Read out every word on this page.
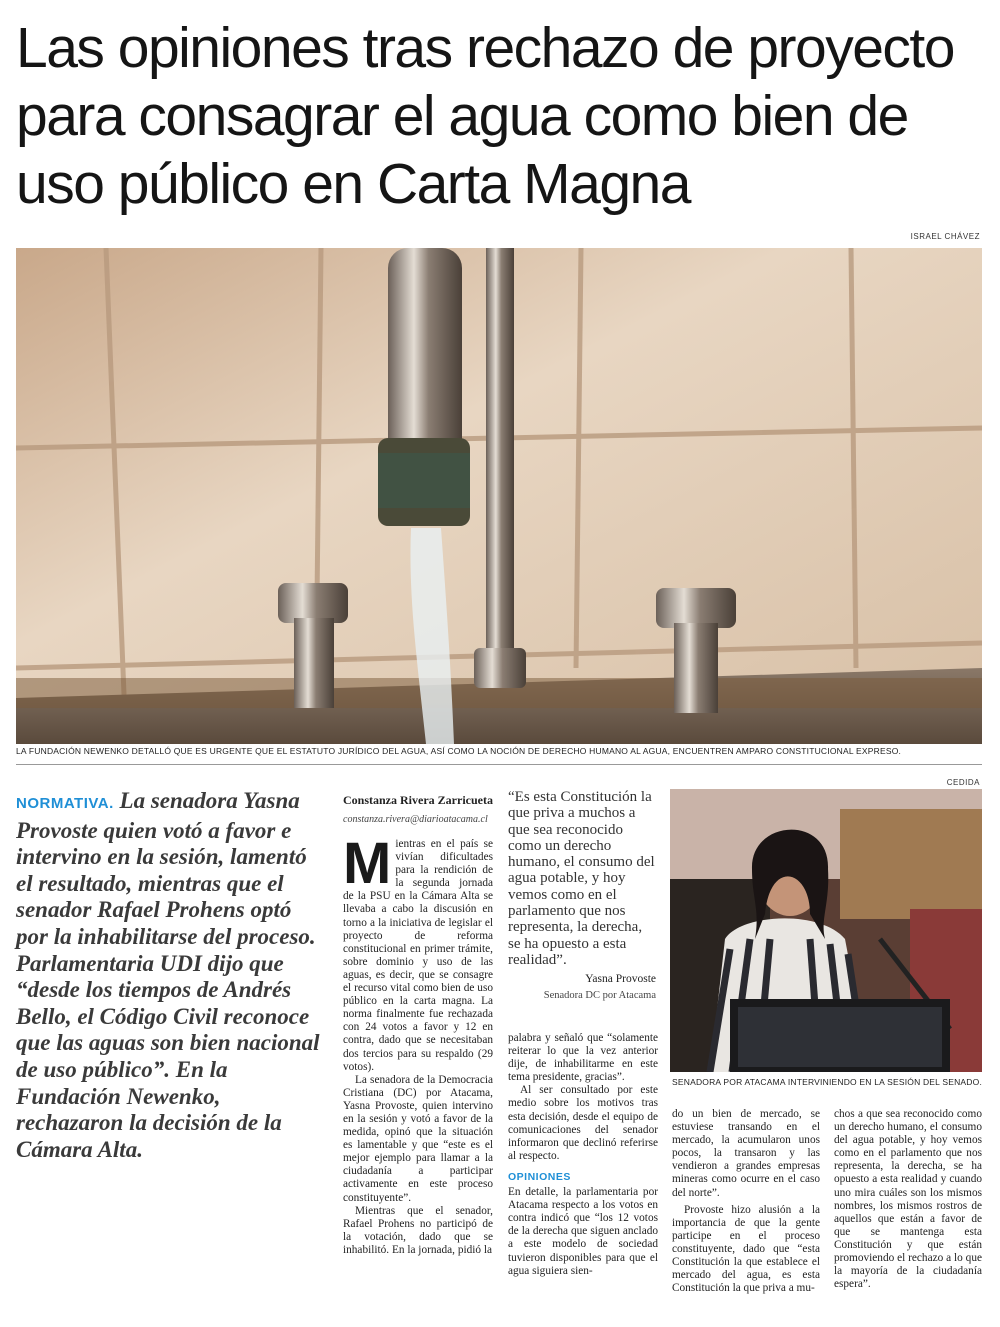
Las opiniones tras rechazo de proyecto para consagrar el agua como bien de uso público en Carta Magna
ISRAEL CHÁVEZ
LA FUNDACIÓN NEWENKO DETALLÓ QUE ES URGENTE QUE EL ESTATUTO JURÍDICO DEL AGUA, ASÍ COMO LA NOCIÓN DE DERECHO HUMANO AL AGUA, ENCUENTREN AMPARO CONSTITUCIONAL EXPRESO.
NORMATIVA. La senadora Yasna Provoste quien votó a favor e intervino en la sesión, lamentó el resultado, mientras que el senador Rafael Prohens optó por la inhabilitarse del proceso. Parlamentaria UDI dijo que “desde los tiempos de Andrés Bello, el Código Civil reconoce que las aguas son bien nacional de uso público”. En la Fundación Newenko, rechazaron la decisión de la Cámara Alta.
Constanza Rivera Zarricueta
constanza.rivera@diarioatacama.cl

Mientras en el país se vivían dificultades para la rendición de la segunda jornada de la PSU en la Cámara Alta se llevaba a cabo la discusión en torno a la iniciativa de legislar el proyecto de reforma constitucional en primer trámite, sobre dominio y uso de las aguas, es decir, que se consagre el recurso vital como bien de uso público en la carta magna. La norma finalmente fue rechazada con 24 votos a favor y 12 en contra, dado que se necesitaban dos tercios para su respaldo (29 votos).

La senadora de la Democracia Cristiana (DC) por Atacama, Yasna Provoste, quien intervino en la sesión y votó a favor de la medida, opinó que la situación es lamentable y que “este es el mejor ejemplo para llamar a la ciudadanía a participar activamente en este proceso constituyente”.

Mientras que el senador, Rafael Prohens no participó de la votación, dado que se inhabilitó. En la jornada, pidió la

“Es esta Constitución la que priva a muchos a que sea reconocido como un derecho humano, el consumo del agua potable, y hoy vemos como en el parlamento que nos representa, la derecha, se ha opuesto a esta realidad”.
Yasna Provoste
Senadora DC por Atacama

palabra y señaló que “solamente reiterar lo que la vez anterior dije, de inhabilitarme en este tema presidente, gracias”.

Al ser consultado por este medio sobre los motivos tras esta decisión, desde el equipo de comunicaciones del senador informaron que declinó referirse al respecto.

OPINIONES

En detalle, la parlamentaria por Atacama respecto a los votos en contra indicó que “los 12 votos de la derecha que siguen anclado a este modelo de sociedad tuvieron disponibles para que el agua siguiera sien-

CEDIDA
SENADORA POR ATACAMA INTERVINIENDO EN LA SESIÓN DEL SENADO.

do un bien de mercado, se estuviese transando en el mercado, la acumularon unos pocos, la transaron y las vendieron a grandes empresas mineras como ocurre en el caso del norte”.

Provoste hizo alusión a la importancia de que la gente participe en el proceso constituyente, dado que “esta Constitución la que establece el mercado del agua, es esta Constitución la que priva a mu-

chos a que sea reconocido como un derecho humano, el consumo del agua potable, y hoy vemos como en el parlamento que nos representa, la derecha, se ha opuesto a esta realidad y cuando uno mira cuáles son los mismos nombres, los mismos rostros de aquellos que están a favor de que se mantenga esta Constitución y que están promoviendo el rechazo a lo que la mayoría de la ciudadanía espera”.
